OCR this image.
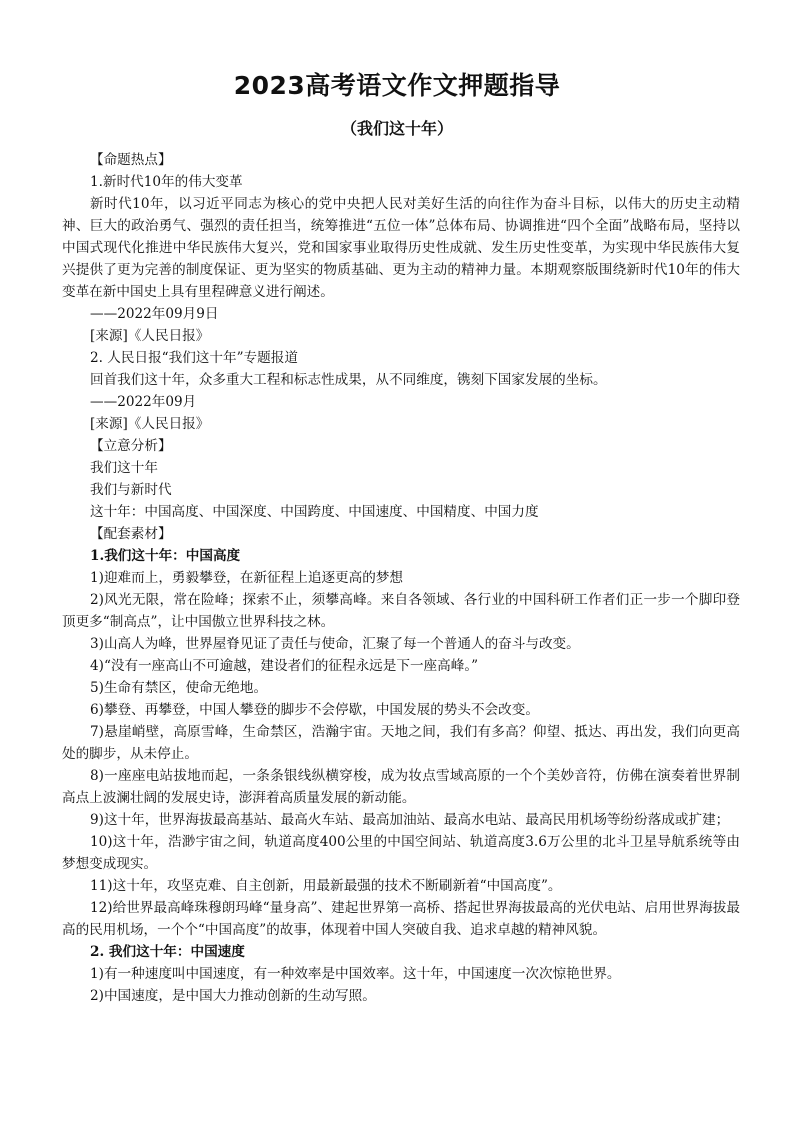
2023高考语文作文押题指导
（我们这十年）

【命题热点】

1.新时代10年的伟大变革

新时代10年，以习近平同志为核心的党中央把人民对美好生活的向往作为奋斗目标，以伟大的历史主动精神、巨大的政治勇气、强烈的责任担当，统筹推进“五位一体”总体布局、协调推进“四个全面”战略布局，坚持以中国式现代化推进中华民族伟大复兴，党和国家事业取得历史性成就、发生历史性变革，为实现中华民族伟大复兴提供了更为完善的制度保证、更为坚实的物质基础、更为主动的精神力量。本期观察版围绕新时代10年的伟大变革在新中国史上具有里程碑意义进行阐述。

——2022年09月9日

[来源]《人民日报》

2. 人民日报“我们这十年”专题报道

回首我们这十年，众多重大工程和标志性成果，从不同维度，镌刻下国家发展的坐标。

——2022年09月

[来源]《人民日报》

【立意分析】

我们这十年

我们与新时代

这十年：中国高度、中国深度、中国跨度、中国速度、中国精度、中国力度

【配套素材】

1.我们这十年：中国高度

1)迎难而上，勇毅攀登，在新征程上追逐更高的梦想

2)风光无限，常在险峰；探索不止，须攀高峰。来自各领域、各行业的中国科研工作者们正一步一个脚印登顶更多“制高点”，让中国傲立世界科技之林。

3)山高人为峰，世界屋脊见证了责任与使命，汇聚了每一个普通人的奋斗与改变。

4)“没有一座高山不可逾越，建设者们的征程永远是下一座高峰。”

5)生命有禁区，使命无绝地。

6)攀登、再攀登，中国人攀登的脚步不会停歇，中国发展的势头不会改变。

7)悬崖峭壁，高原雪峰，生命禁区，浩瀚宇宙。天地之间，我们有多高？仰望、抵达、再出发，我们向更高处的脚步，从未停止。

8)一座座电站拔地而起，一条条银线纵横穿梭，成为妆点雪域高原的一个个美妙音符，仿佛在演奏着世界制高点上波澜壮阔的发展史诗，澎湃着高质量发展的新动能。

9)这十年，世界海拔最高基站、最高火车站、最高加油站、最高水电站、最高民用机场等纷纷落成或扩建；

10)这十年，浩渺宇宙之间，轨道高度400公里的中国空间站、轨道高度3.6万公里的北斗卫星导航系统等由梦想变成现实。

11)这十年，攻坚克难、自主创新，用最新最强的技术不断刷新着“中国高度”。

12)给世界最高峰珠穆朗玛峰“量身高”、建起世界第一高桥、搭起世界海拔最高的光伏电站、启用世界海拔最高的民用机场，一个个“中国高度”的故事，体现着中国人突破自我、追求卓越的精神风貌。

2. 我们这十年：中国速度

1)有一种速度叫中国速度，有一种效率是中国效率。这十年，中国速度一次次惊艳世界。

2)中国速度，是中国大力推动创新的生动写照。
